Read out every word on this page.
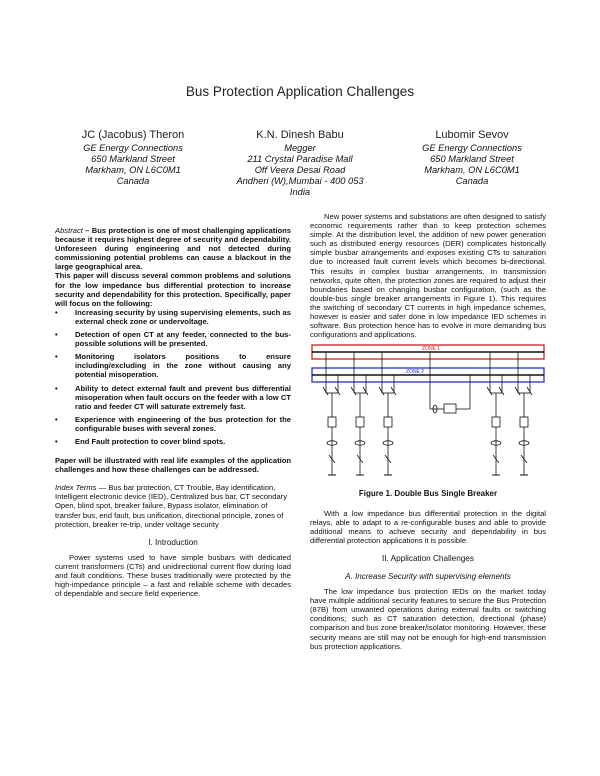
Bus Protection Application Challenges
JC (Jacobus) Theron
GE Energy Connections
650 Markland Street
Markham, ON L6C0M1
Canada
K.N. Dinesh Babu
Megger
211 Crystal Paradise Mall
Off Veera Desai Road
Andheri (W),Mumbai - 400 053
India
Lubomir Sevov
GE Energy Connections
650 Markland Street
Markham, ON L6C0M1
Canada

Abstract – Bus protection is one of most challenging applications because it requires highest degree of security and dependability. Unforeseen during engineering and not detected during commissioning potential problems can cause a blackout in the large geographical area.

This paper will discuss several common problems and solutions for the low impedance bus differential protection to increase security and dependability for this protection. Specifically, paper will focus on the following:

• Increasing security by using supervising elements, such as external check zone or undervoltage.
• Detection of open CT at any feeder, connected to the bus-possible solutions will be presented.
• Monitoring isolators positions to ensure including/excluding in the zone without causing any potential misoperation.
• Ability to detect external fault and prevent bus differential misoperation when fault occurs on the feeder with a low CT ratio and feeder CT will saturate extremely fast.
• Experience with engineering of the bus protection for the configurable buses with several zones.
• End Fault protection to cover blind spots.

Paper will be illustrated with real life examples of the application challenges and how these challenges can be addressed.

Index Terms — Bus bar protection, CT Trouble, Bay identification, Intelligent electronic device (IED), Centralized bus bar, CT secondary Open, blind spot, breaker failure, Bypass isolator, elimination of transfer bus, end fault, bus unification, directional principle, zones of protection, breaker re-trip, under voltage security

I. Introduction

Power systems used to have simple busbars with dedicated current transformers (CTs) and unidirectional current flow during load and fault conditions. These buses traditionally were protected by the high-impedance principle – a fast and reliable scheme with decades of dependable and secure field experience.

New power systems and substations are often designed to satisfy economic requirements rather than to keep protection schemes simple. At the distribution level, the addition of new power generation such as distributed energy resources (DER) complicates historically simple busbar arrangements and exposes existing CTs to saturation due to increased fault current levels which becomes bi-directional. This results in complex busbar arrangements. In transmission networks, quite often, the protection zones are required to adjust their boundaries based on changing busbar configuration, (such as the double-bus single breaker arrangements in Figure 1). This requires the switching of secondary CT currents in high impedance schemes, however is easier and safer done in low impedance IED schemes in software. Bus protection hence has to evolve in more demanding bus configurations and applications.

ZONE 1
ZONE 2
Figure 1. Double Bus Single Breaker

With a low impedance bus differential protection in the digital relays, able to adapt to a re-configurable buses and able to provide additional means to achieve security and dependability in bus differential protection applications it is possible.

II. Application Challenges
A. Increase Security with supervising elements

The low impedance bus protection IEDs on the market today have multiple additional security features to secure the Bus Protection (87B) from unwanted operations during external faults or switching conditions; such as CT saturation detection, directional (phase) comparison and bus zone breaker/isolator monitoring. However, these security means are still may not be enough for high-end transmission bus protection applications.
